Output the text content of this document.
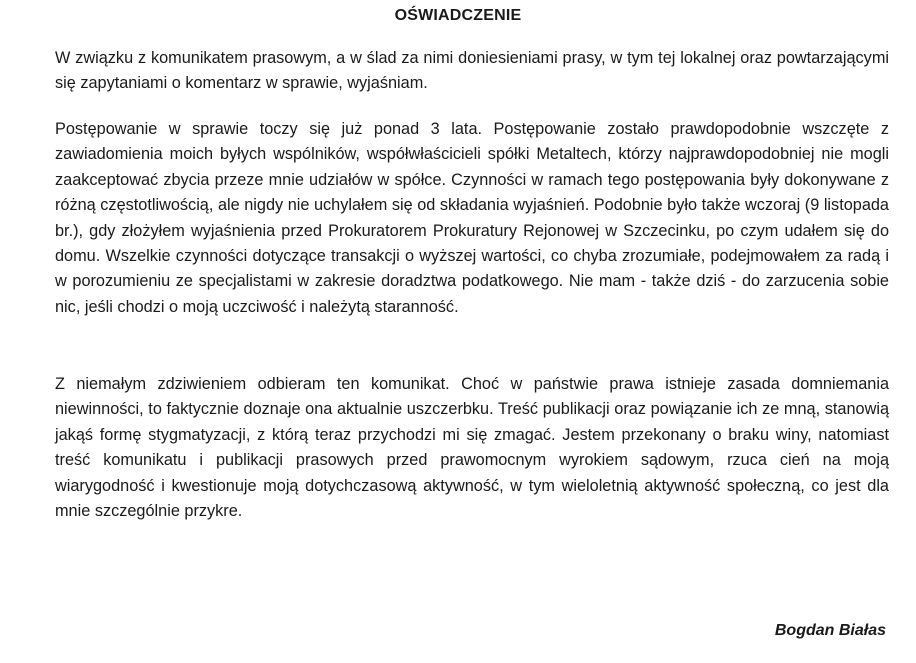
OŚWIADCZENIE

W związku z komunikatem prasowym, a w ślad za nimi doniesieniami prasy, w tym tej lokalnej oraz powtarzającymi się zapytaniami o komentarz w sprawie, wyjaśniam.

Postępowanie w sprawie toczy się już ponad 3 lata. Postępowanie zostało prawdopodobnie wszczęte z zawiadomienia moich byłych wspólników, współwłaścicieli spółki Metaltech, którzy najprawdopodobniej nie mogli zaakceptować zbycia przeze mnie udziałów w spółce. Czynności w ramach tego postępowania były dokonywane z różną częstotliwością, ale nigdy nie uchylałem się od składania wyjaśnień. Podobnie było także wczoraj (9 listopada br.), gdy złożyłem wyjaśnienia przed Prokuratorem Prokuratury Rejonowej w Szczecinku, po czym udałem się do domu. Wszelkie czynności dotyczące transakcji o wyższej wartości, co chyba zrozumiałe, podejmowałem za radą i w porozumieniu ze specjalistami w zakresie doradztwa podatkowego. Nie mam - także dziś - do zarzucenia sobie nic, jeśli chodzi o moją uczciwość i należytą staranność.

Z niemałym zdziwieniem odbieram ten komunikat. Choć w państwie prawa istnieje zasada domniemania niewinności, to faktycznie doznaje ona aktualnie uszczerbku. Treść publikacji oraz powiązanie ich ze mną, stanowią jakąś formę stygmatyzacji, z którą teraz przychodzi mi się zmagać. Jestem przekonany o braku winy, natomiast treść komunikatu i publikacji prasowych przed prawomocnym wyrokiem sądowym, rzuca cień na moją wiarygodność i kwestionuje moją dotychczasową aktywność, w tym wieloletnią aktywność społeczną, co jest dla mnie szczególnie przykre.

Bogdan Białas
